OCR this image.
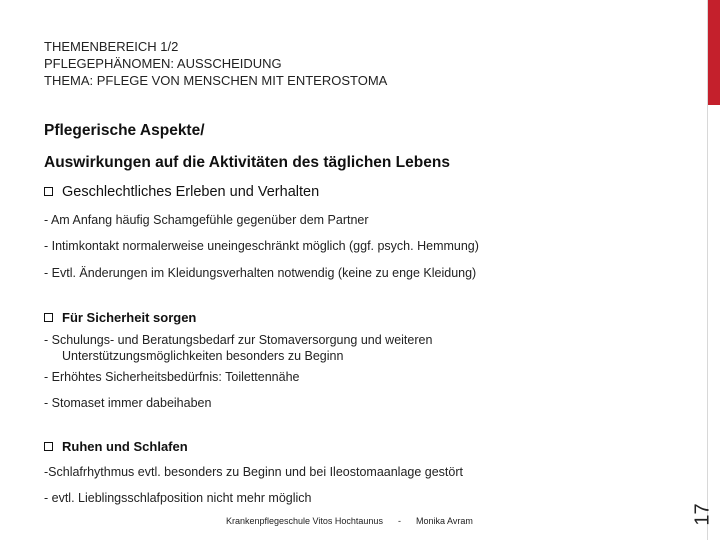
THEMENBEREICH 1/2
PFLEGEPHÄNOMEN: AUSSCHEIDUNG
THEMA: PFLEGE VON MENSCHEN MIT ENTEROSTOMA
Pflegerische Aspekte/
Auswirkungen auf die Aktivitäten des täglichen Lebens
Geschlechtliches Erleben und Verhalten
- Am Anfang häufig Schamgefühle gegenüber dem Partner
- Intimkontakt normalerweise uneingeschränkt möglich (ggf. psych. Hemmung)
- Evtl. Änderungen im Kleidungsverhalten notwendig (keine zu enge Kleidung)
Für Sicherheit sorgen
- Schulungs- und Beratungsbedarf zur Stomaversorgung und weiteren
Unterstützungsmöglichkeiten besonders zu Beginn
- Erhöhtes Sicherheitsbedürfnis: Toilettennähe
- Stomaset immer dabeihaben
Ruhen und Schlafen
-Schlafrhythmus evtl. besonders zu Beginn und bei Ileostomaanlage gestört
- evtl. Lieblingsschlafposition nicht mehr möglich
Krankenpflegeschule Vitos Hochtaunus - Monika Avram	17
